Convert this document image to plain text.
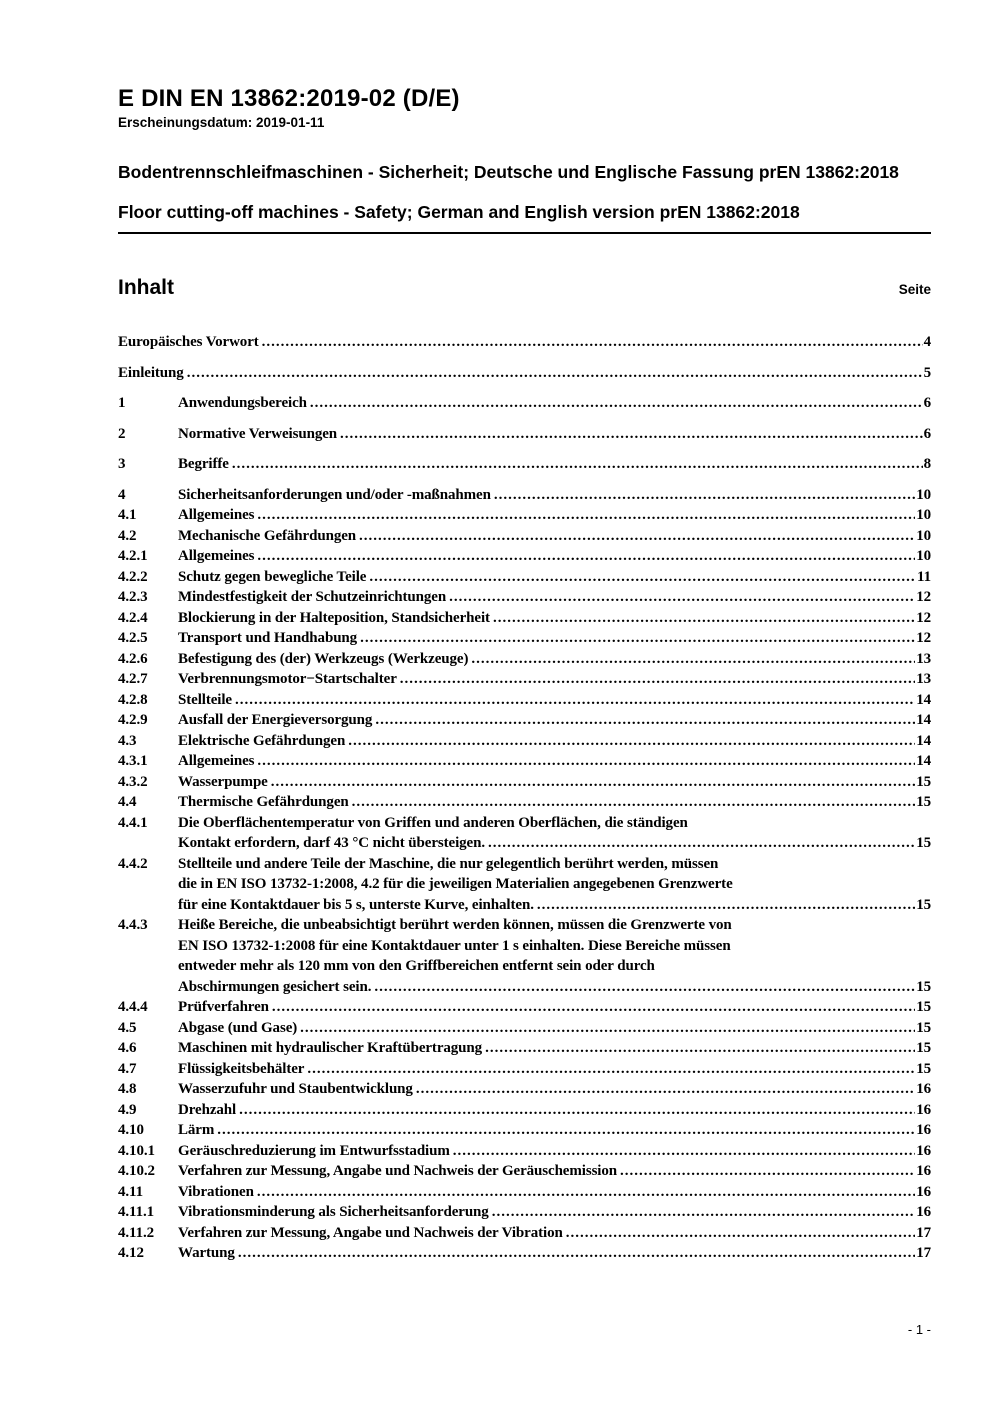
E DIN EN 13862:2019-02 (D/E)
Erscheinungsdatum: 2019-01-11
Bodentrennschleifmaschinen - Sicherheit; Deutsche und Englische Fassung prEN 13862:2018
Floor cutting-off machines - Safety; German and English version prEN 13862:2018
Inhalt	Seite
Europäisches Vorwort .....	4
Einleitung .....	5
1	Anwendungsbereich .....	6
2	Normative Verweisungen .....	6
3	Begriffe .....	8
4	Sicherheitsanforderungen und/oder -maßnahmen .....	10
4.1	Allgemeines .....	10
4.2	Mechanische Gefährdungen .....	10
4.2.1	Allgemeines .....	10
4.2.2	Schutz gegen bewegliche Teile .....	11
4.2.3	Mindestfestigkeit der Schutzeinrichtungen .....	12
4.2.4	Blockierung in der Halteposition, Standsicherheit .....	12
4.2.5	Transport und Handhabung .....	12
4.2.6	Befestigung des (der) Werkzeugs (Werkzeuge) .....	13
4.2.7	Verbrennungsmotor−Startschalter .....	13
4.2.8	Stellteile .....	14
4.2.9	Ausfall der Energieversorgung .....	14
4.3	Elektrische Gefährdungen .....	14
4.3.1	Allgemeines .....	14
4.3.2	Wasserpumpe .....	15
4.4	Thermische Gefährdungen .....	15
4.4.1	Die Oberflächentemperatur von Griffen und anderen Oberflächen, die ständigen
Kontakt erfordern, darf 43 °C nicht übersteigen. .....	15
4.4.2	Stellteile und andere Teile der Maschine, die nur gelegentlich berührt werden, müssen
die in EN ISO 13732-1:2008, 4.2 für die jeweiligen Materialien angegebenen Grenzwerte
für eine Kontaktdauer bis 5 s, unterste Kurve, einhalten. .....	15
4.4.3	Heiße Bereiche, die unbeabsichtigt berührt werden können, müssen die Grenzwerte von
EN ISO 13732-1:2008 für eine Kontaktdauer unter 1 s einhalten. Diese Bereiche müssen
entweder mehr als 120 mm von den Griffbereichen entfernt sein oder durch
Abschirmungen gesichert sein. .....	15
4.4.4	Prüfverfahren .....	15
4.5	Abgase (und Gase) .....	15
4.6	Maschinen mit hydraulischer Kraftübertragung .....	15
4.7	Flüssigkeitsbehälter .....	15
4.8	Wasserzufuhr und Staubentwicklung .....	16
4.9	Drehzahl .....	16
4.10	Lärm .....	16
4.10.1	Geräuschreduzierung im Entwurfsstadium .....	16
4.10.2	Verfahren zur Messung, Angabe und Nachweis der Geräuschemission .....	16
4.11	Vibrationen .....	16
4.11.1	Vibrationsminderung als Sicherheitsanforderung .....	16
4.11.2	Verfahren zur Messung, Angabe und Nachweis der Vibration .....	17
4.12	Wartung .....	17
- 1 -
